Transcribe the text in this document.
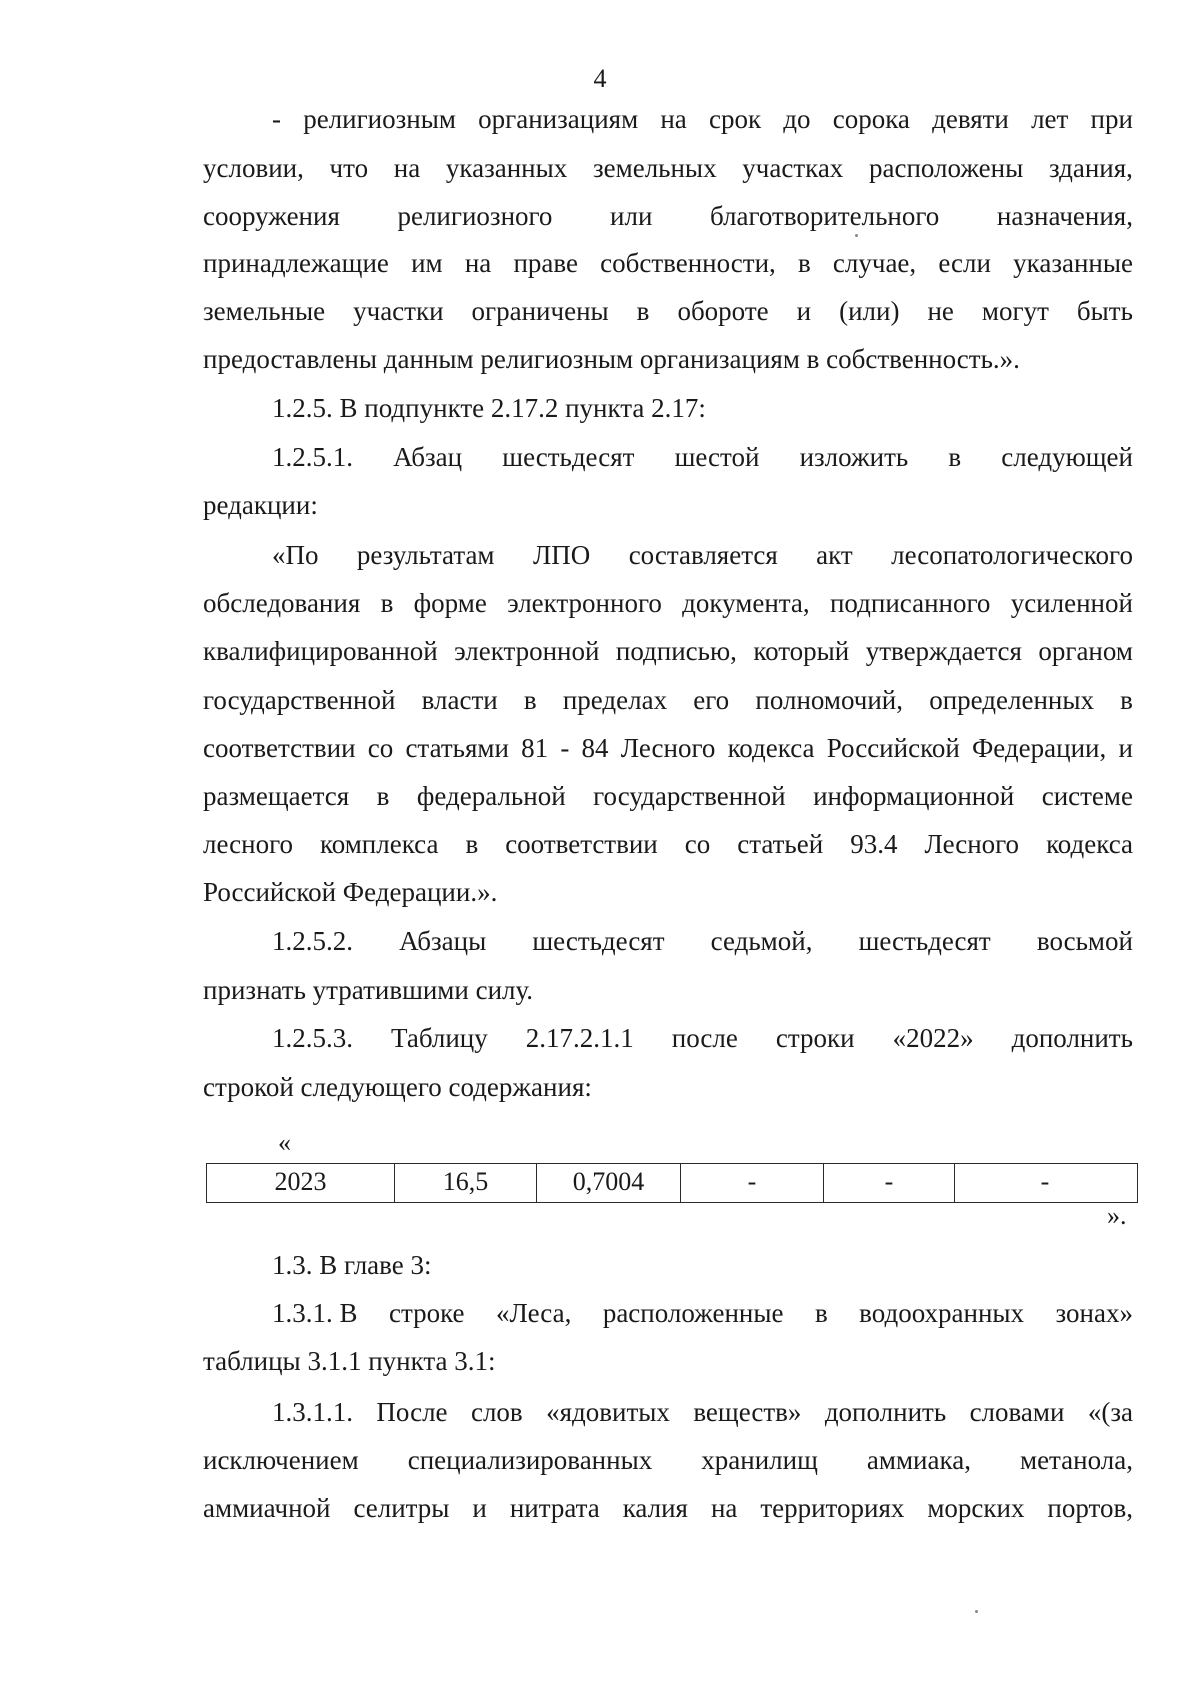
4
- религиозным организациям на срок до сорока девяти лет при
условии, что на указанных земельных участках расположены здания,
сооружения религиозного или благотворительного назначения,
принадлежащие им на праве собственности, в случае, если указанные
земельные участки ограничены в обороте и (или) не могут быть
предоставлены данным религиозным организациям в собственность.».
1.2.5. В подпункте 2.17.2 пункта 2.17:
1.2.5.1. Абзац шестьдесят шестой изложить в следующей
редакции:
«По результатам ЛПО составляется акт лесопатологического
обследования в форме электронного документа, подписанного усиленной
квалифицированной электронной подписью, который утверждается органом
государственной власти в пределах его полномочий, определенных в
соответствии со статьями 81 - 84 Лесного кодекса Российской Федерации, и
размещается в федеральной государственной информационной системе
лесного комплекса в соответствии со статьей 93.4 Лесного кодекса
Российской Федерации.».
1.2.5.2. Абзацы шестьдесят седьмой, шестьдесят восьмой
признать утратившими силу.
1.2.5.3. Таблицу 2.17.2.1.1 после строки «2022» дополнить
строкой следующего содержания:
1.3. В главе 3:
1.3.1. В строке «Леса, расположенные в водоохранных зонах»
таблицы 3.1.1 пункта 3.1:
1.3.1.1. После слов «ядовитых веществ» дополнить словами «(за
исключением специализированных хранилищ аммиака, метанола,
аммиачной селитры и нитрата калия на территориях морских портов,
«
2023	16,5	0,7004	-	-	-
».
